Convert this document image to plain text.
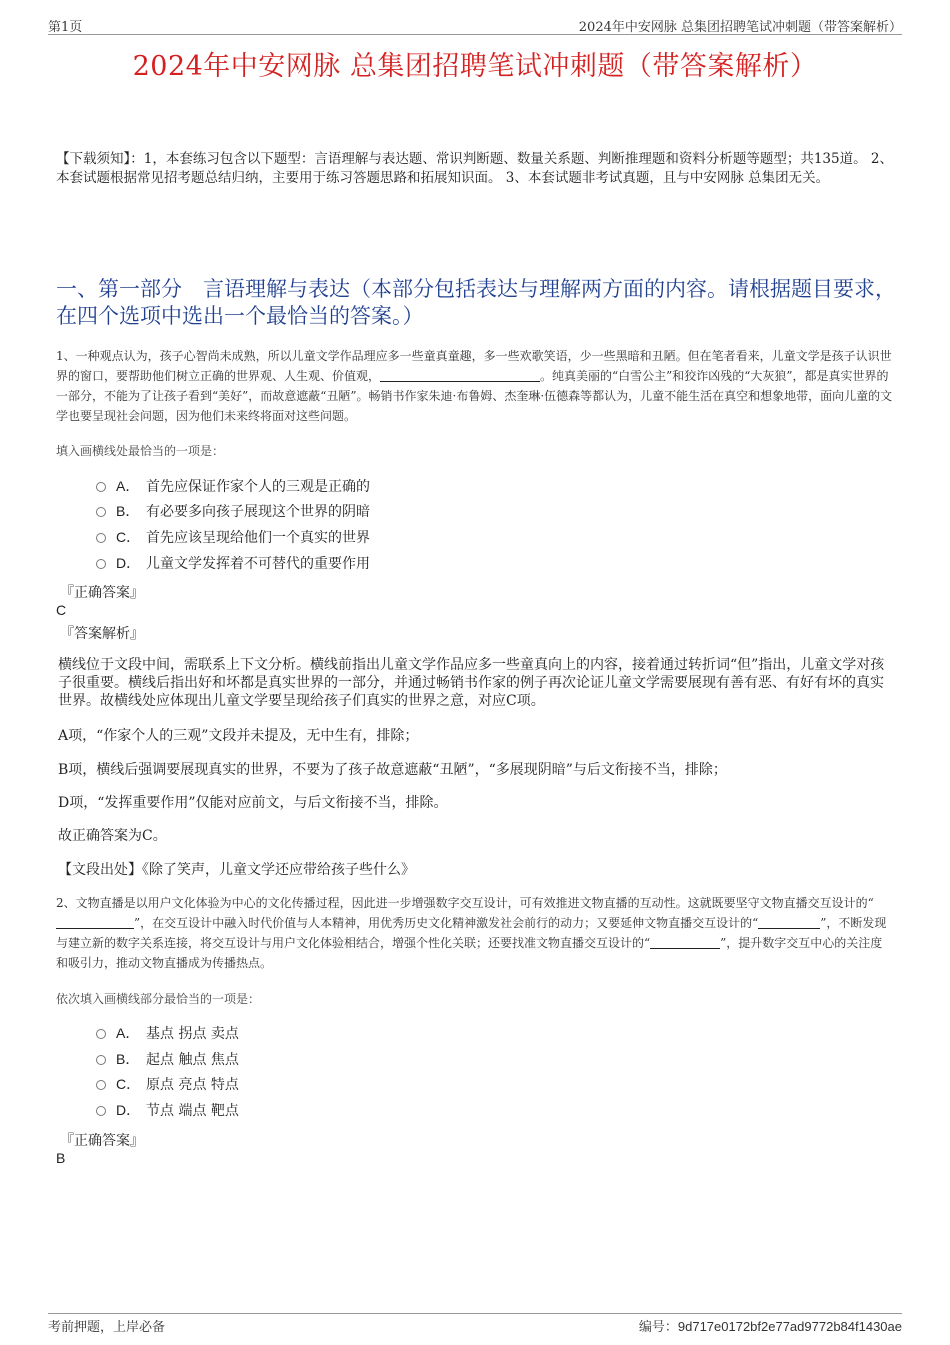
第1页	2024年中安网脉 总集团招聘笔试冲刺题（带答案解析）
2024年中安网脉 总集团招聘笔试冲刺题（带答案解析）
【下载须知】：1，本套练习包含以下题型：言语理解与表达题、常识判断题、数量关系题、判断推理题和资料分析题等题型；共135道。 2、本套试题根据常见招考题总结归纳，主要用于练习答题思路和拓展知识面。 3、本套试题非考试真题，且与中安网脉 总集团无关。
一、第一部分　言语理解与表达（本部分包括表达与理解两方面的内容。请根据题目要求，在四个选项中选出一个最恰当的答案。）
1、一种观点认为，孩子心智尚未成熟，所以儿童文学作品理应多一些童真童趣，多一些欢歌笑语，少一些黑暗和丑陋。但在笔者看来，儿童文学是孩子认识世界的窗口，要帮助他们树立正确的世界观、人生观、价值观，	。纯真美丽的“白雪公主”和狡诈凶残的“大灰狼”，都是真实世界的一部分，不能为了让孩子看到“美好”，而故意遮蔽“丑陋”。畅销书作家朱迪·布鲁姆、杰奎琳·伍德森等都认为，儿童不能生活在真空和想象地带，面向儿童的文学也要呈现社会问题，因为他们未来终将面对这些问题。
填入画横线处最恰当的一项是：
A． 首先应保证作家个人的三观是正确的
B． 有必要多向孩子展现这个世界的阴暗
C． 首先应该呈现给他们一个真实的世界
D． 儿童文学发挥着不可替代的重要作用
『正确答案』
C
『答案解析』
横线位于文段中间，需联系上下文分析。横线前指出儿童文学作品应多一些童真向上的内容，接着通过转折词“但”指出，儿童文学对孩子很重要。横线后指出好和坏都是真实世界的一部分，并通过畅销书作家的例子再次论证儿童文学需要展现有善有恶、有好有坏的真实世界。故横线处应体现出儿童文学要呈现给孩子们真实的世界之意，对应C项。
A项，“作家个人的三观”文段并未提及，无中生有，排除；
B项，横线后强调要展现真实的世界，不要为了孩子故意遮蔽“丑陋”，“多展现阴暗”与后文衔接不当，排除；
D项，“发挥重要作用”仅能对应前文，与后文衔接不当，排除。
故正确答案为C。
【文段出处】《除了笑声，儿童文学还应带给孩子些什么》
2、文物直播是以用户文化体验为中心的文化传播过程，因此进一步增强数字交互设计，可有效推进文物直播的互动性。这就既要坚守文物直播交互设计的“”，在交互设计中融入时代价值与人本精神，用优秀历史文化精神激发社会前行的动力；又要延伸文物直播交互设计的“	”，不断发现与建立新的数字关系连接，将交互设计与用户文化体验相结合，增强个性化关联；还要找准文物直播交互设计的“	”，提升数字交互中心的关注度和吸引力，推动文物直播成为传播热点。
依次填入画横线部分最恰当的一项是：
A． 基点 拐点 卖点
B． 起点 触点 焦点
C． 原点 亮点 特点
D． 节点 端点 靶点
『正确答案』
B
考前押题，上岸必备	编号：9d717e0172bf2e77ad9772b84f1430ae
